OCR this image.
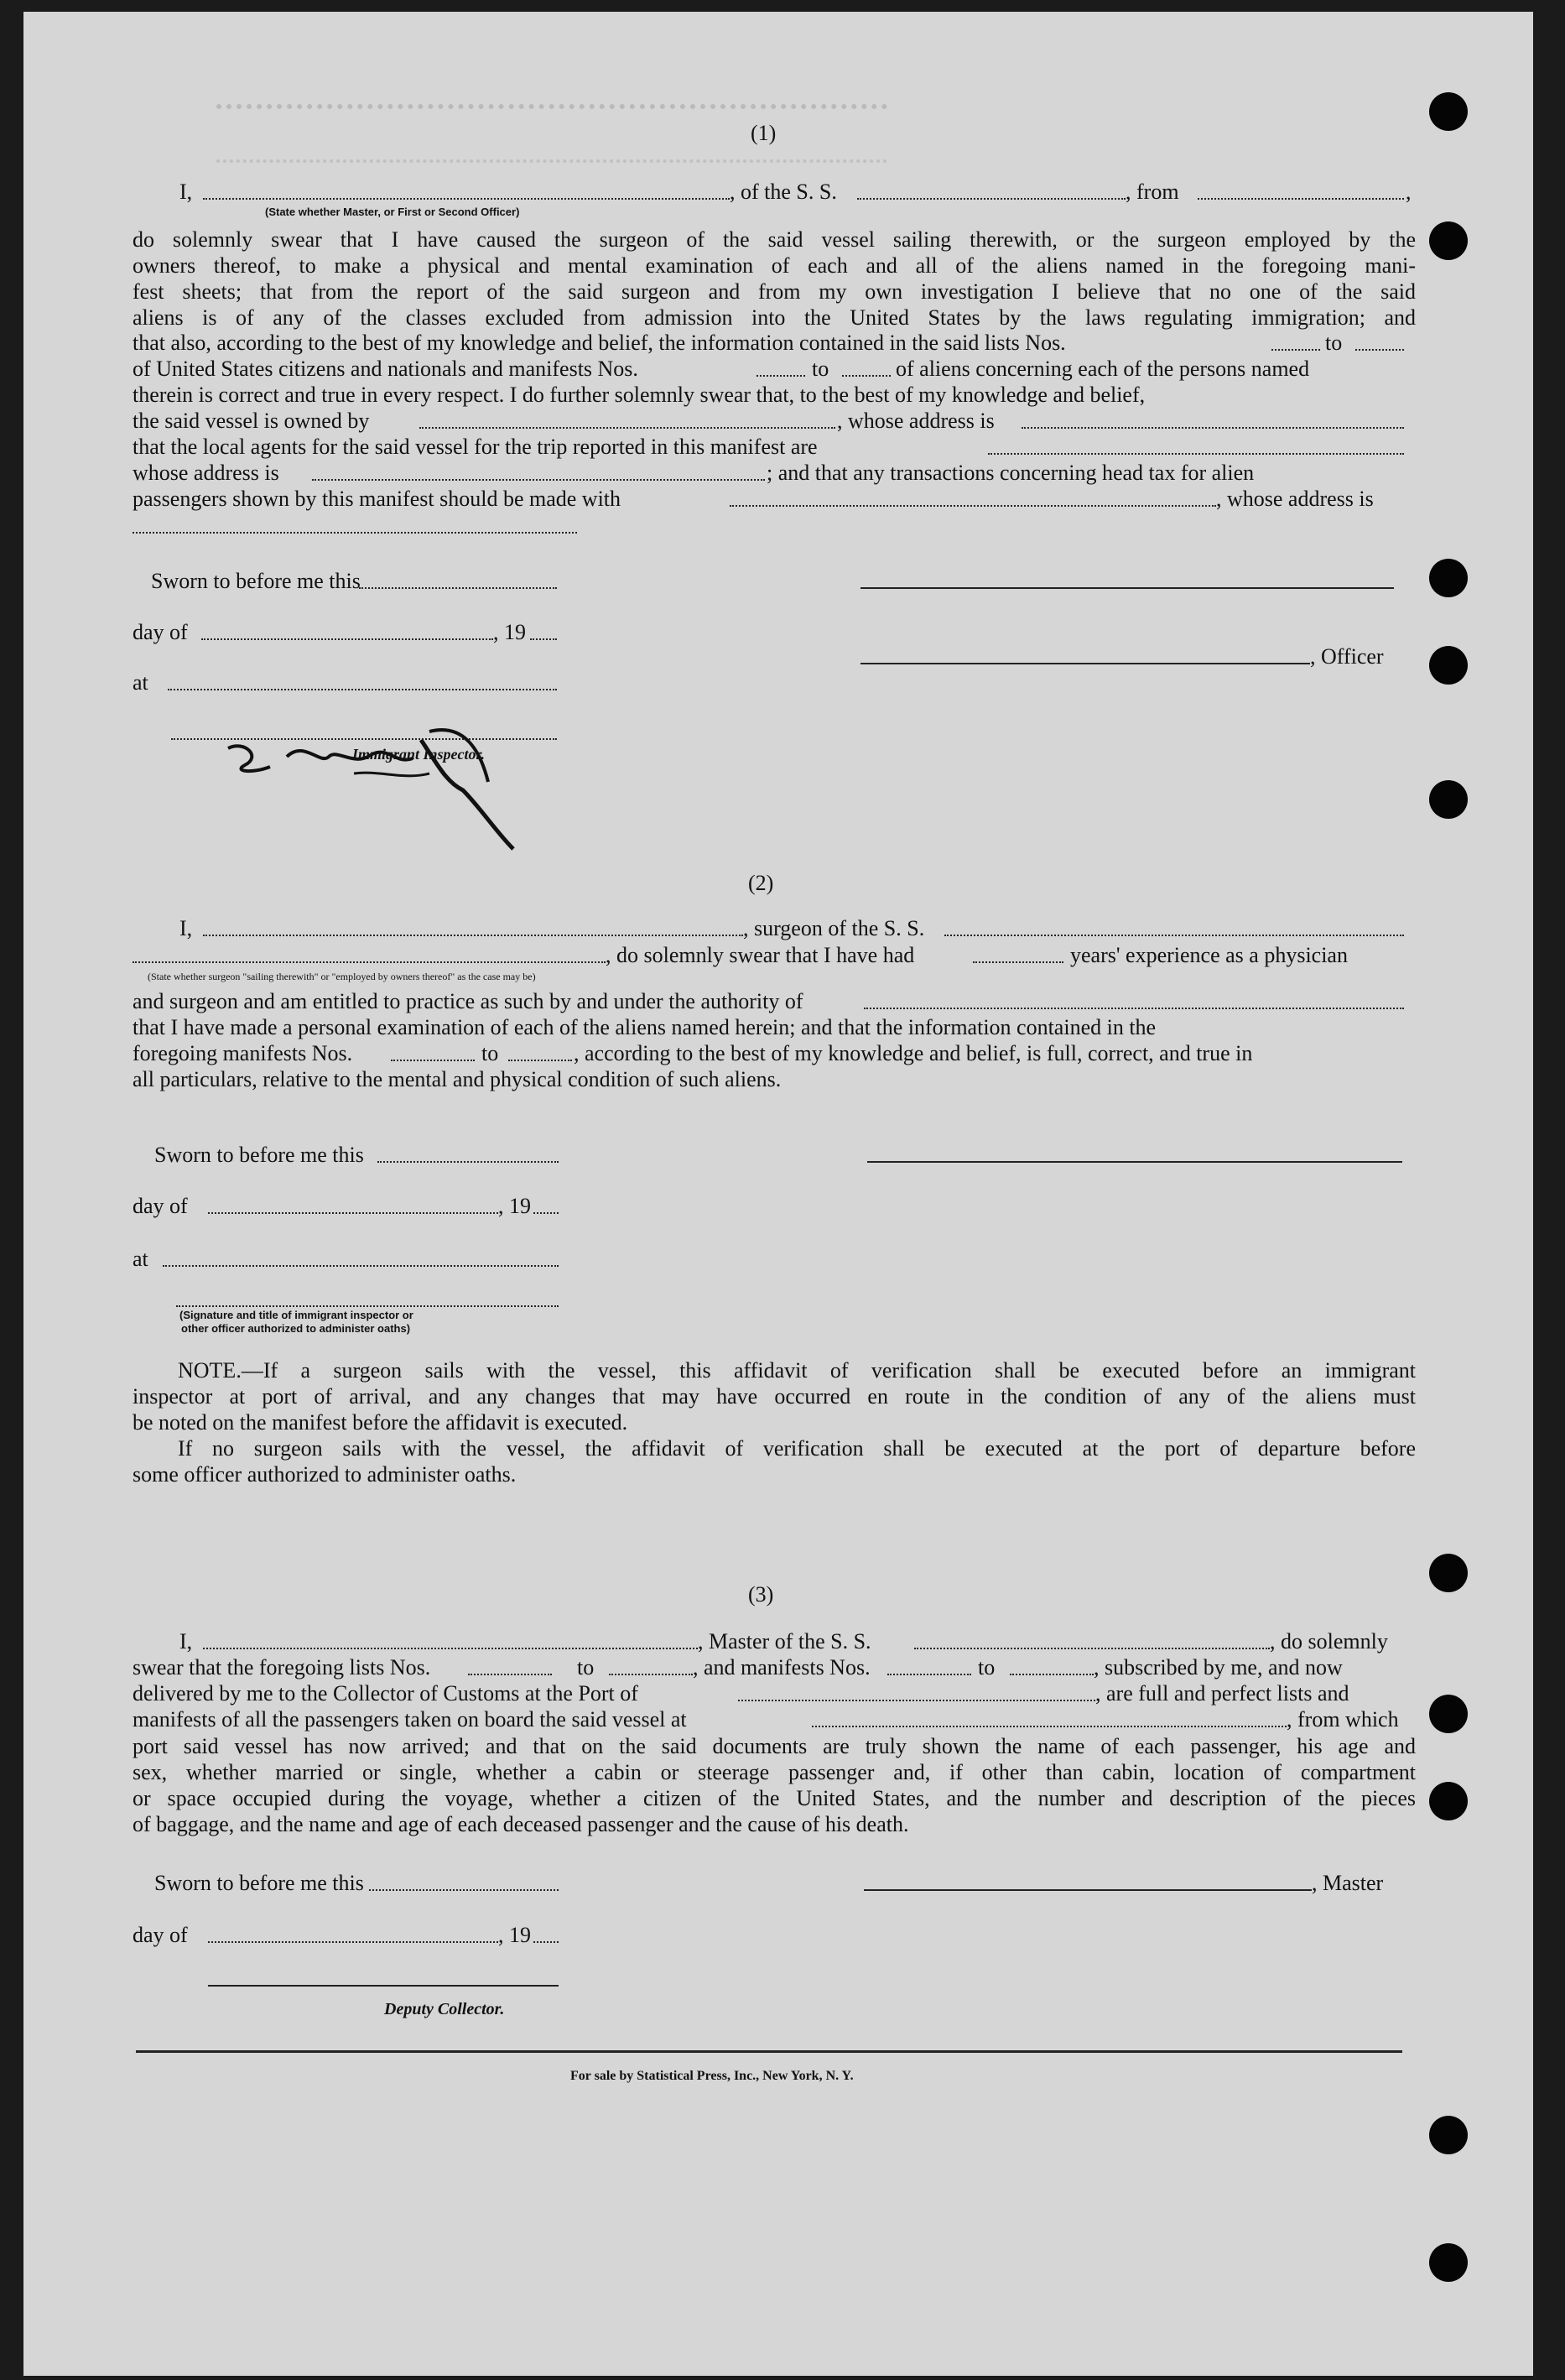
(1)
I,	, of the S. S.	, from	,
(State whether Master, or First or Second Officer)
do solemnly swear that I have caused the surgeon of the said vessel sailing therewith, or the surgeon employed by the
owners thereof, to make a physical and mental examination of each and all of the aliens named in the foregoing mani-
fest sheets; that from the report of the said surgeon and from my own investigation I believe that no one of the said
aliens is of any of the classes excluded from admission into the United States by the laws regulating immigration; and
that also, according to the best of my knowledge and belief, the information contained in the said lists Nos.	to
of United States citizens and nationals and manifests Nos.	to	of aliens concerning each of the persons named
therein is correct and true in every respect. I do further solemnly swear that, to the best of my knowledge and belief,
the said vessel is owned by	, whose address is
that the local agents for the said vessel for the trip reported in this manifest are
whose address is	; and that any transactions concerning head tax for alien
passengers shown by this manifest should be made with	, whose address is
Sworn to before me this
day of	, 19
, Officer
at
Immigrant Inspector.
(2)
I,	, surgeon of the S. S.
, do solemnly swear that I have had	years' experience as a physician
(State whether surgeon "sailing therewith" or "employed by owners thereof" as the case may be)
and surgeon and am entitled to practice as such by and under the authority of
that I have made a personal examination of each of the aliens named herein; and that the information contained in the
foregoing manifests Nos.	to	, according to the best of my knowledge and belief, is full, correct, and true in
all particulars, relative to the mental and physical condition of such aliens.
Sworn to before me this
day of	, 19
at
(Signature and title of immigrant inspector or
other officer authorized to administer oaths)
NOTE.—If a surgeon sails with the vessel, this affidavit of verification shall be executed before an immigrant
inspector at port of arrival, and any changes that may have occurred en route in the condition of any of the aliens must
be noted on the manifest before the affidavit is executed.
If no surgeon sails with the vessel, the affidavit of verification shall be executed at the port of departure before
some officer authorized to administer oaths.
(3)
I,	, Master of the S. S.	, do solemnly
swear that the foregoing lists Nos.	to	, and manifests Nos.	to	, subscribed by me, and now
delivered by me to the Collector of Customs at the Port of	, are full and perfect lists and
manifests of all the passengers taken on board the said vessel at	, from which
port said vessel has now arrived; and that on the said documents are truly shown the name of each passenger, his age and
sex, whether married or single, whether a cabin or steerage passenger and, if other than cabin, location of compartment
or space occupied during the voyage, whether a citizen of the United States, and the number and description of the pieces
of baggage, and the name and age of each deceased passenger and the cause of his death.
Sworn to before me this	, Master
day of	, 19
Deputy Collector.
For sale by Statistical Press, Inc., New York, N. Y.
